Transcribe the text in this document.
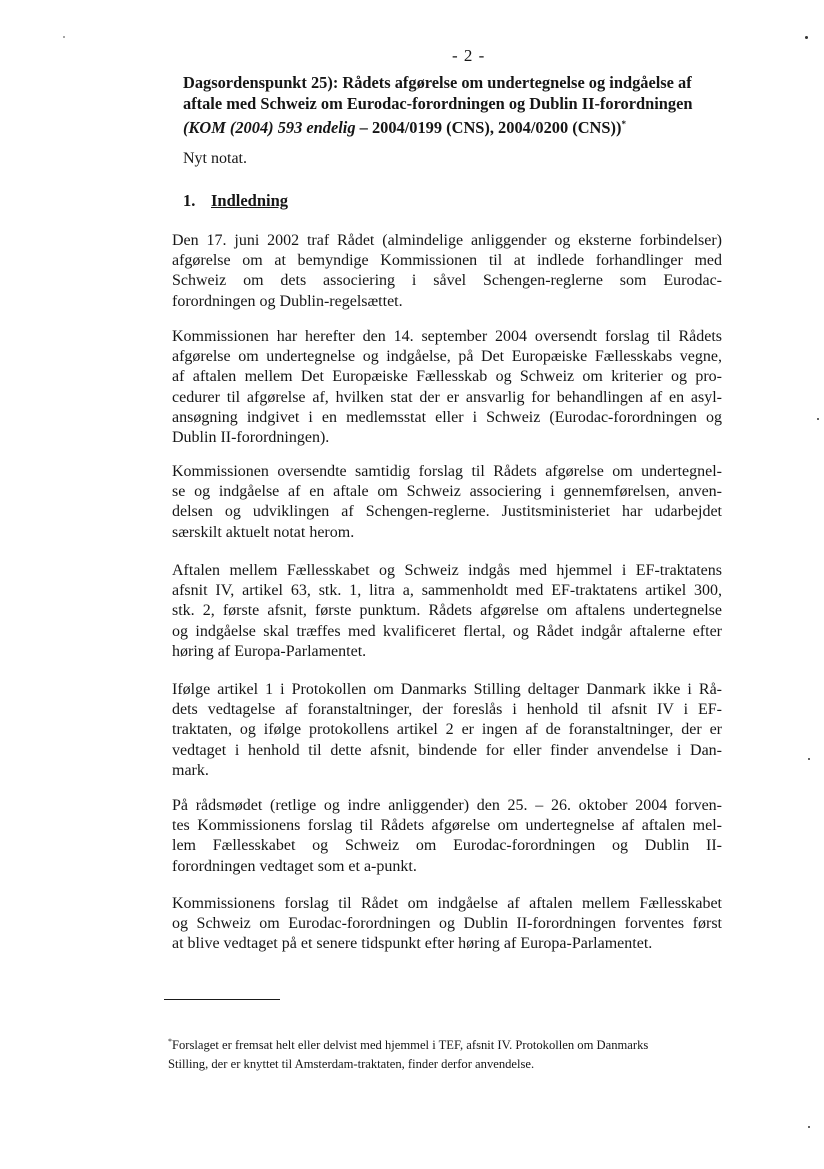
- 2 -
Dagsordenspunkt 25): Rådets afgørelse om undertegnelse og indgåelse af
aftale med Schweiz om Eurodac-forordningen og Dublin II-forordningen
(KOM (2004) 593 endelig – 2004/0199 (CNS), 2004/0200 (CNS))*
Nyt notat.
1. Indledning
Den 17. juni 2002 traf Rådet (almindelige anliggender og eksterne forbindelser)
afgørelse om at bemyndige Kommissionen til at indlede forhandlinger med
Schweiz om dets associering i såvel Schengen-reglerne som Eurodac-
forordningen og Dublin-regelsættet.
Kommissionen har herefter den 14. september 2004 oversendt forslag til Rådets
afgørelse om undertegnelse og indgåelse, på Det Europæiske Fællesskabs vegne,
af aftalen mellem Det Europæiske Fællesskab og Schweiz om kriterier og pro-
cedurer til afgørelse af, hvilken stat der er ansvarlig for behandlingen af en asyl-
ansøgning indgivet i en medlemsstat eller i Schweiz (Eurodac-forordningen og
Dublin II-forordningen).
Kommissionen oversendte samtidig forslag til Rådets afgørelse om undertegnel-
se og indgåelse af en aftale om Schweiz associering i gennemførelsen, anven-
delsen og udviklingen af Schengen-reglerne. Justitsministeriet har udarbejdet
særskilt aktuelt notat herom.
Aftalen mellem Fællesskabet og Schweiz indgås med hjemmel i EF-traktatens
afsnit IV, artikel 63, stk. 1, litra a, sammenholdt med EF-traktatens artikel 300,
stk. 2, første afsnit, første punktum. Rådets afgørelse om aftalens undertegnelse
og indgåelse skal træffes med kvalificeret flertal, og Rådet indgår aftalerne efter
høring af Europa-Parlamentet.
Ifølge artikel 1 i Protokollen om Danmarks Stilling deltager Danmark ikke i Rå-
dets vedtagelse af foranstaltninger, der foreslås i henhold til afsnit IV i EF-
traktaten, og ifølge protokollens artikel 2 er ingen af de foranstaltninger, der er
vedtaget i henhold til dette afsnit, bindende for eller finder anvendelse i Dan-
mark.
På rådsmødet (retlige og indre anliggender) den 25. – 26. oktober 2004 forven-
tes Kommissionens forslag til Rådets afgørelse om undertegnelse af aftalen mel-
lem Fællesskabet og Schweiz om Eurodac-forordningen og Dublin II-
forordningen vedtaget som et a-punkt.
Kommissionens forslag til Rådet om indgåelse af aftalen mellem Fællesskabet
og Schweiz om Eurodac-forordningen og Dublin II-forordningen forventes først
at blive vedtaget på et senere tidspunkt efter høring af Europa-Parlamentet.
*Forslaget er fremsat helt eller delvist med hjemmel i TEF, afsnit IV. Protokollen om Danmarks
Stilling, der er knyttet til Amsterdam-traktaten, finder derfor anvendelse.
